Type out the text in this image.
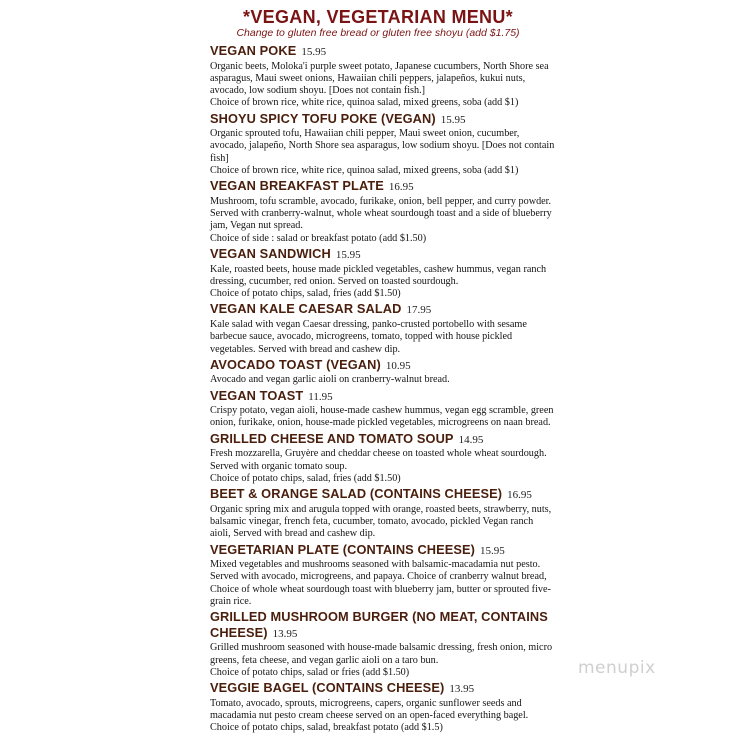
*VEGAN, VEGETARIAN MENU*

Change to gluten free bread or gluten free shoyu (add $1.75)

VEGAN POKE 15.95
Organic beets, Moloka'i purple sweet potato, Japanese cucumbers, North Shore sea asparagus, Maui sweet onions, Hawaiian chili peppers, jalapeños, kukui nuts, avocado, low sodium shoyu. [Does not contain fish.]
Choice of brown rice, white rice, quinoa salad, mixed greens, soba (add $1)
SHOYU SPICY TOFU POKE (VEGAN) 15.95
Organic sprouted tofu, Hawaiian chili pepper, Maui sweet onion, cucumber, avocado, jalapeño, North Shore sea asparagus, low sodium shoyu. [Does not contain fish]
Choice of brown rice, white rice, quinoa salad, mixed greens, soba (add $1)
VEGAN BREAKFAST PLATE 16.95
Mushroom, tofu scramble, avocado, furikake, onion, bell pepper, and curry powder. Served with cranberry-walnut, whole wheat sourdough toast and a side of blueberry jam, Vegan nut spread.
Choice of side : salad or breakfast potato (add $1.50)
VEGAN SANDWICH 15.95
Kale, roasted beets, house made pickled vegetables, cashew hummus, vegan ranch dressing, cucumber, red onion. Served on toasted sourdough.
Choice of potato chips, salad, fries (add $1.50)
VEGAN KALE CAESAR SALAD 17.95
Kale salad with vegan Caesar dressing, panko-crusted portobello with sesame barbecue sauce, avocado, microgreens, tomato, topped with house pickled vegetables. Served with bread and cashew dip.
AVOCADO TOAST (VEGAN) 10.95
Avocado and vegan garlic aioli on cranberry-walnut bread.
VEGAN TOAST 11.95
Crispy potato, vegan aioli, house-made cashew hummus, vegan egg scramble, green onion, furikake, onion, house-made pickled vegetables, microgreens on naan bread.
GRILLED CHEESE AND TOMATO SOUP 14.95
Fresh mozzarella, Gruyère and cheddar cheese on toasted whole wheat sourdough. Served with organic tomato soup.
Choice of potato chips, salad, fries (add $1.50)
BEET & ORANGE SALAD (CONTAINS CHEESE) 16.95
Organic spring mix and arugula topped with orange, roasted beets, strawberry, nuts, balsamic vinegar, french feta, cucumber, tomato, avocado, pickled Vegan ranch aioli, Served with bread and cashew dip.
VEGETARIAN PLATE (CONTAINS CHEESE) 15.95
Mixed vegetables and mushrooms seasoned with balsamic-macadamia nut pesto. Served with avocado, microgreens, and papaya. Choice of cranberry walnut bread,
Choice of whole wheat sourdough toast with blueberry jam, butter or sprouted five-grain rice.
GRILLED MUSHROOM BURGER (NO MEAT, CONTAINS CHEESE) 13.95
Grilled mushroom seasoned with house-made balsamic dressing, fresh onion, micro greens, feta cheese, and vegan garlic aioli on a taro bun.
Choice of potato chips, salad or fries (add $1.50)
VEGGIE BAGEL (CONTAINS CHEESE) 13.95
Tomato, avocado, sprouts, microgreens, capers, organic sunflower seeds and macadamia nut pesto cream cheese served on an open-faced everything bagel.
Choice of potato chips, salad, breakfast potato (add $1.5)
menupix
